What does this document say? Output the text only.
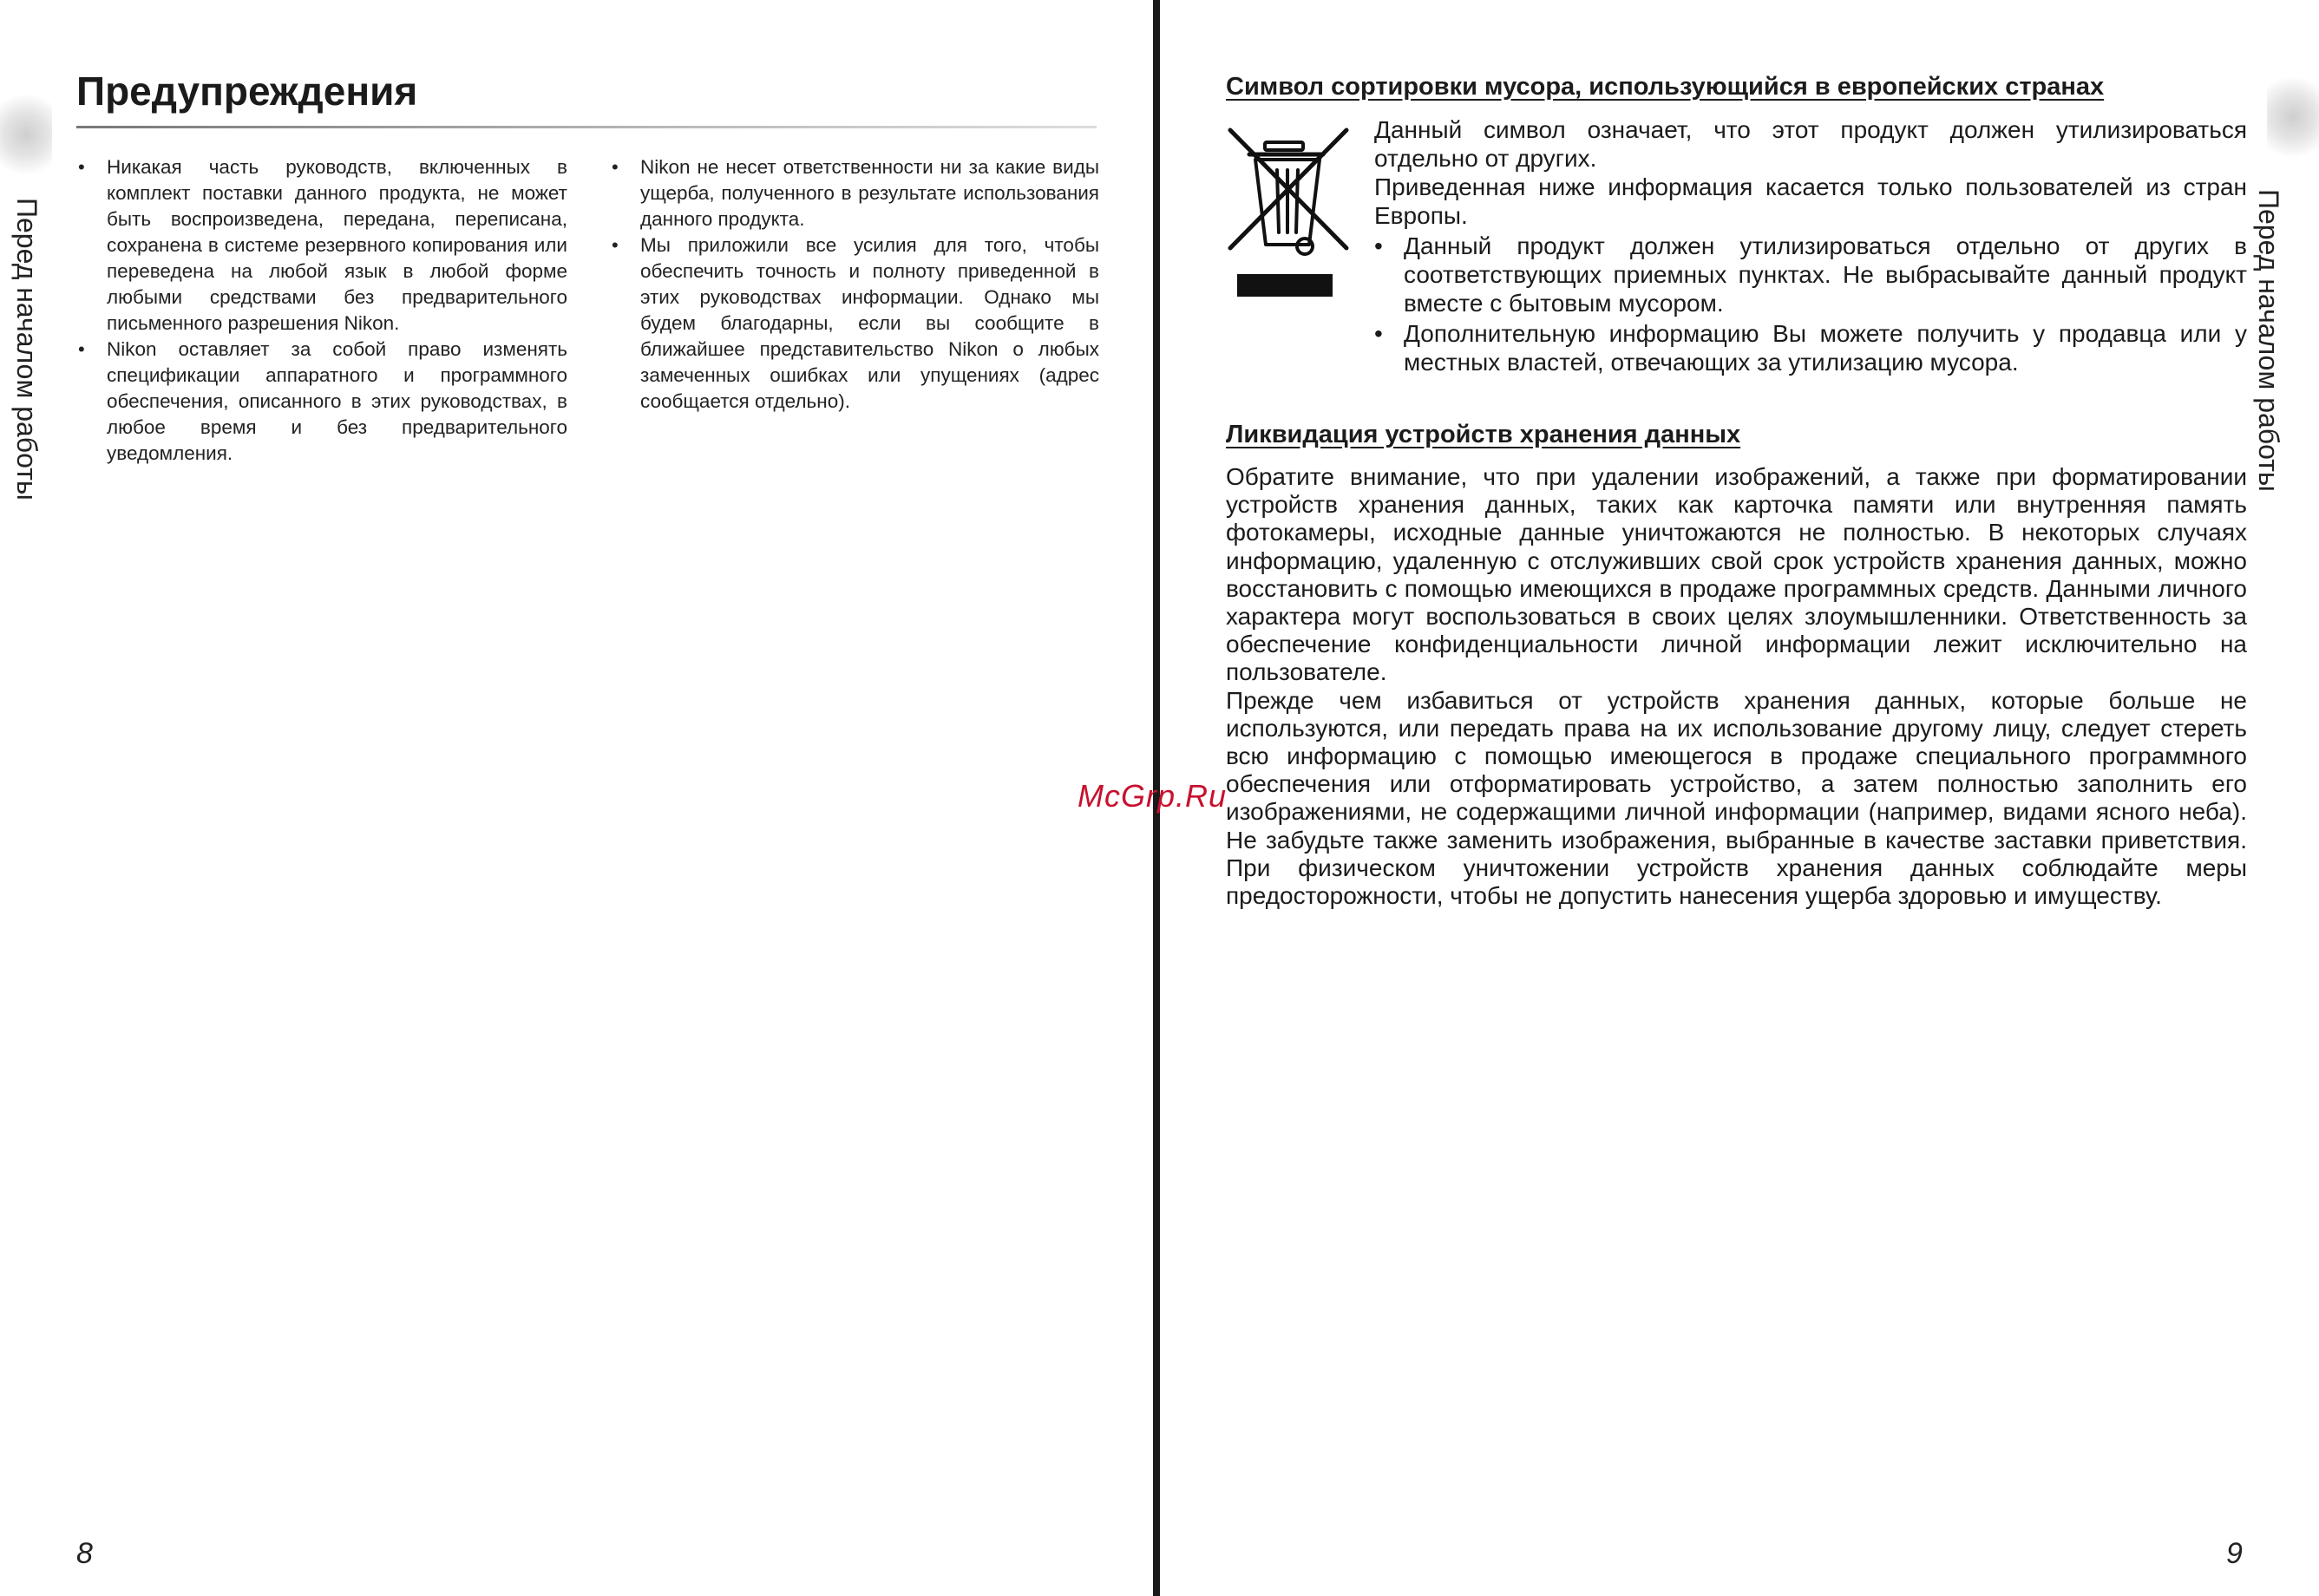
Перед началом работы
Предупреждения
• Никакая часть руководств, включенных в комплект поставки данного продукта, не может быть воспроизведена, передана, переписана, сохранена в системе резервного копирования или переведена на любой язык в любой форме любыми средствами без предварительного письменного разрешения Nikon.
• Nikon оставляет за собой право изменять спецификации аппаратного и программного обеспечения, описанного в этих руководствах, в любое время и без предварительного уведомления.
• Nikon не несет ответственности ни за какие виды ущерба, полученного в результате использования данного продукта.
• Мы приложили все усилия для того, чтобы обеспечить точность и полноту приведенной в этих руководствах информации. Однако мы будем благодарны, если вы сообщите в ближайшее представительство Nikon о любых замеченных ошибках или упущениях (адрес сообщается отдельно).
8
Перед началом работы
Символ сортировки мусора, использующийся в европейских странах

Данный символ означает, что этот продукт должен утилизироваться отдельно от других.

Приведенная ниже информация касается только пользователей из стран Европы.

• Данный продукт должен утилизироваться отдельно от других в соответствующих приемных пунктах. Не выбрасывайте данный продукт вместе с бытовым мусором.
• Дополнительную информацию Вы можете получить у продавца или у местных властей, отвечающих за утилизацию мусора.
Ликвидация устройств хранения данных

Обратите внимание, что при удалении изображений, а также при форматировании устройств хранения данных, таких как карточка памяти или внутренняя память фотокамеры, исходные данные уничтожаются не полностью. В некоторых случаях информацию, удаленную с отслуживших свой срок устройств хранения данных, можно восстановить с помощью имеющихся в продаже программных средств. Данными личного характера могут воспользоваться в своих целях злоумышленники. Ответственность за обеспечение конфиденциальности личной информации лежит исключительно на пользователе.

Прежде чем избавиться от устройств хранения данных, которые больше не используются, или передать права на их использование другому лицу, следует стереть всю информацию с помощью имеющегося в продаже специального программного обеспечения или отформатировать устройство, а затем полностью заполнить его изображениями, не содержащими личной информации (например, видами ясного неба). Не забудьте также заменить изображения, выбранные в качестве заставки приветствия. При физическом уничтожении устройств хранения данных соблюдайте меры предосторожности, чтобы не допустить нанесения ущерба здоровью и имуществу.

McGrp.Ru
9
